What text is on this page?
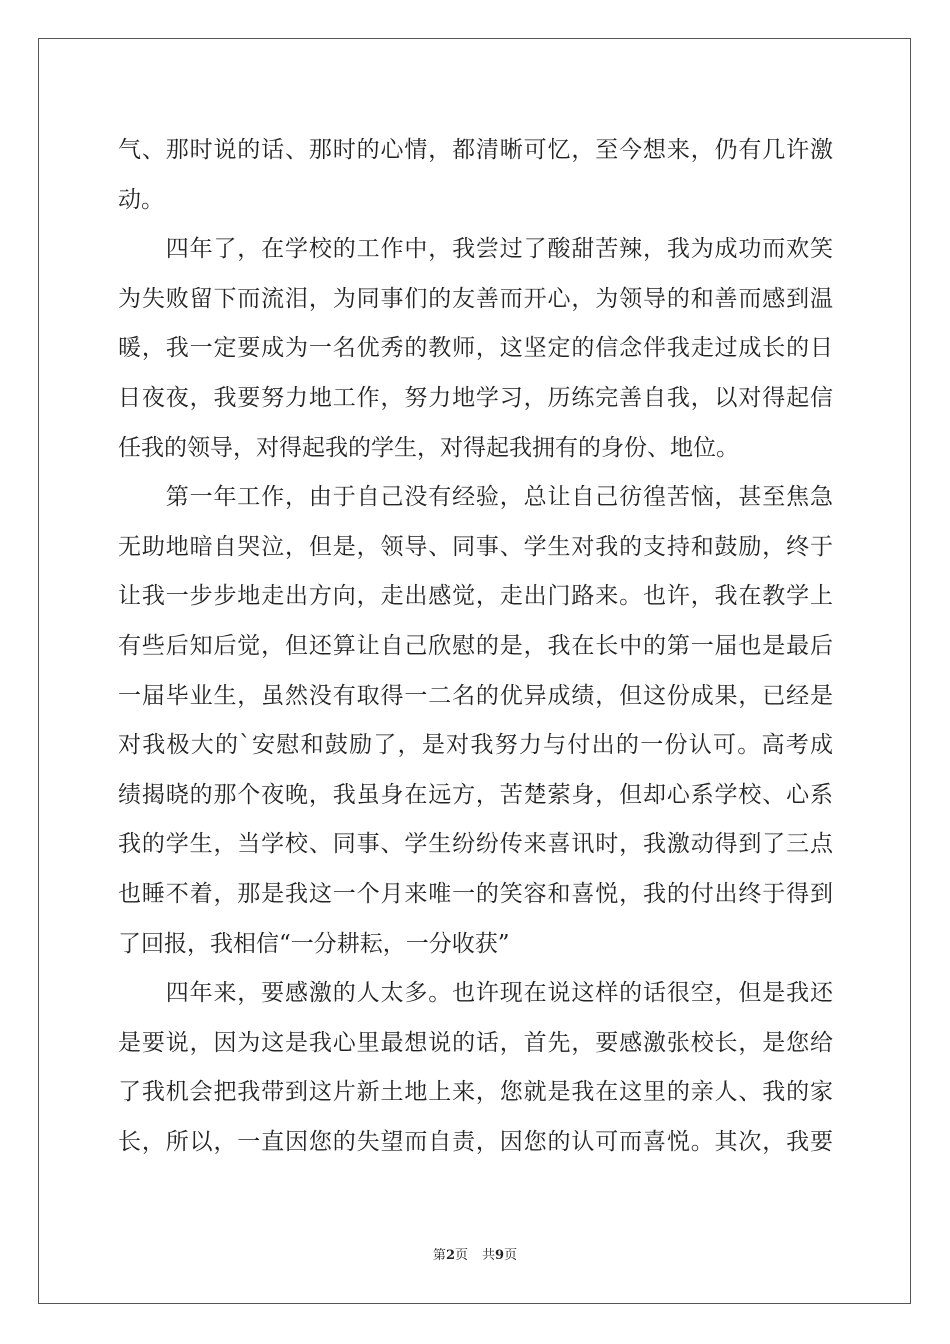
气、那时说的话、那时的心情，都清晰可忆，至今想来，仍有几许激
动。
　　四年了，在学校的工作中，我尝过了酸甜苦辣，我为成功而欢笑
为失败留下而流泪，为同事们的友善而开心，为领导的和善而感到温
暖，我一定要成为一名优秀的教师，这坚定的信念伴我走过成长的日
日夜夜，我要努力地工作，努力地学习，历练完善自我，以对得起信
任我的领导，对得起我的学生，对得起我拥有的身份、地位。
　　第一年工作，由于自己没有经验，总让自己彷徨苦恼，甚至焦急
无助地暗自哭泣，但是，领导、同事、学生对我的支持和鼓励，终于
让我一步步地走出方向，走出感觉，走出门路来。也许，我在教学上
有些后知后觉，但还算让自己欣慰的是，我在长中的第一届也是最后
一届毕业生，虽然没有取得一二名的优异成绩，但这份成果，已经是
对我极大的`安慰和鼓励了，是对我努力与付出的一份认可。高考成
绩揭晓的那个夜晚，我虽身在远方，苦楚萦身，但却心系学校、心系
我的学生，当学校、同事、学生纷纷传来喜讯时，我激动得到了三点
也睡不着，那是我这一个月来唯一的笑容和喜悦，我的付出终于得到
了回报，我相信“一分耕耘，一分收获”
　　四年来，要感激的人太多。也许现在说这样的话很空，但是我还
是要说，因为这是我心里最想说的话，首先，要感激张校长，是您给
了我机会把我带到这片新土地上来，您就是我在这里的亲人、我的家
长，所以，一直因您的失望而自责，因您的认可而喜悦。其次，我要
第2页 共9页
